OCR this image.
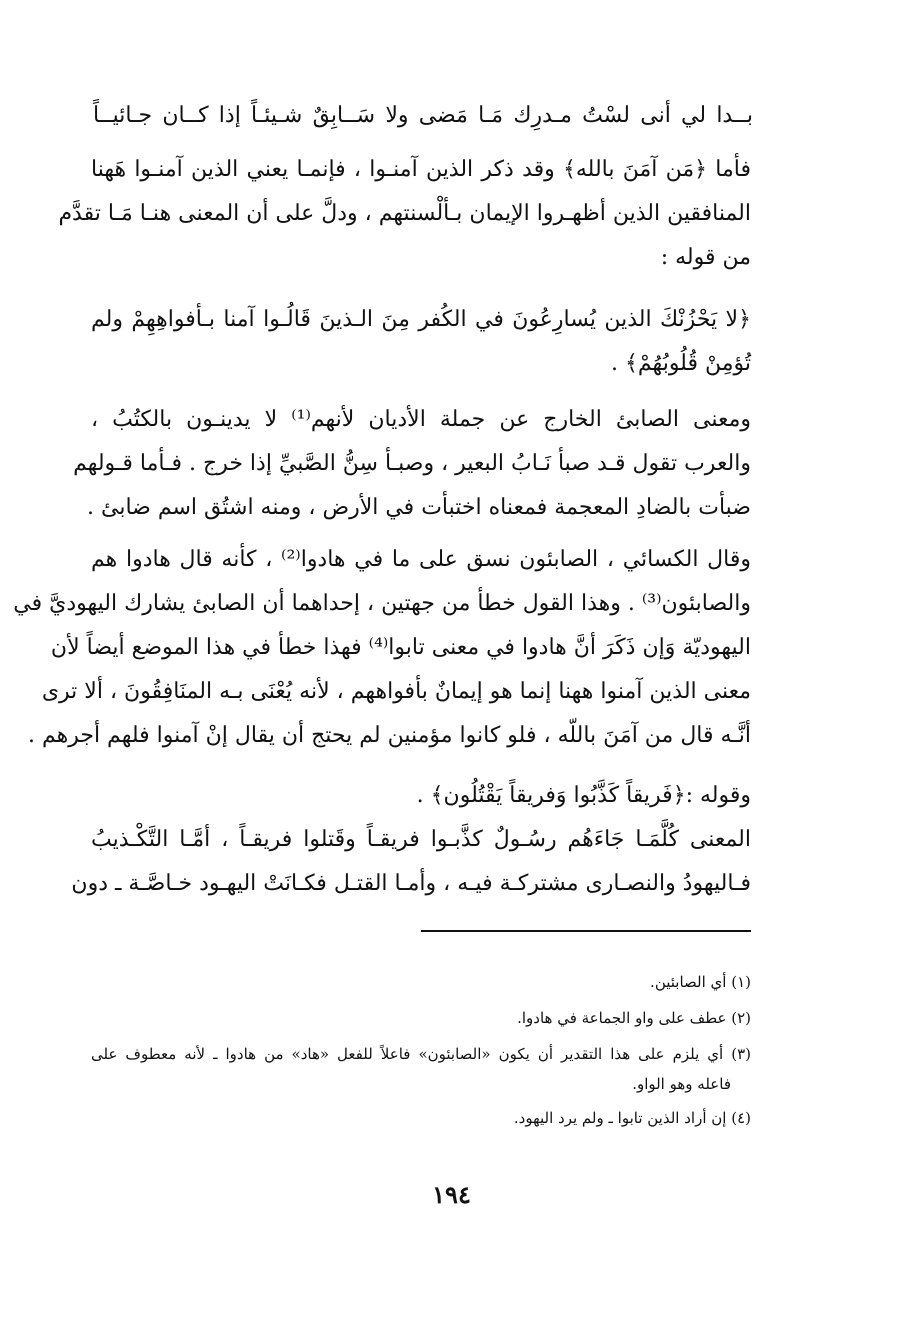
بــدا لي أنى لسْتُ مـدرِك مَـا مَضى ولا سَــابِقٌ شـيئـاً إذا كــان جـائيــاً
فأما ﴿مَن آمَنَ بالله﴾ وقد ذكر الذين آمنـوا ، فإنمـا يعني الذين آمنـوا هَهنا
المنافقين الذين أظهـروا الإيمان بـألْسنتهم ، ودلَّ على أن المعنى هنـا مَـا تقدَّم
من قوله :
﴿لا يَحْزُنْكَ الذين يُسارِعُونَ في الكُفر مِنَ الـذينَ قَالُـوا آمنا بـأفواهِهِمْ ولم
تُؤمِنْ قُلُوبُهُمْ﴾ .
ومعنى الصابئ الخارج عن جملة الأديان لأنهم⁽¹⁾ لا يدينـون بالكتُبُ ،
والعرب تقول قـد صبأ نَـابُ البعير ، وصبـأ سِنُّ الصَّبيِّ إذا خرج . فـأما قـولهم
ضبأت بالضادِ المعجمة فمعناه اختبأت في الأرض ، ومنه اشتُق اسم ضابئ .
وقال الكسائي ، الصابئون نسق على ما في هادوا⁽²⁾ ، كأنه قال هادوا هم
والصابئون⁽³⁾ . وهذا القول خطأ من جهتين ، إحداهما أن الصابئ يشارك اليهوديَّ في
اليهوديّة وَإن ذَكَرَ أنَّ هادوا في معنى تابوا⁽⁴⁾ فهذا خطأ في هذا الموضع أيضاً لأن
معنى الذين آمنوا ههنا إنما هو إيمانٌ بأفواههم ، لأنه يُعْنَى بـه المنَافِقُونَ ، ألا ترى
أنَّـه قال من آمَنَ باللّه ، فلو كانوا مؤمنين لم يحتج أن يقال إنْ آمنوا فلهم أجرهم .
وقوله :﴿فَريقاً كَذَّبُوا وَفريقاً يَقْتُلُون﴾ .
المعنى كُلَّمَـا جَاءَهُم رسُـولٌ كذَّبـوا فريقـاً وقَتلوا فريقـاً ، أمَّـا التَّكْـذيبُ
فـاليهودُ والنصـارى مشتركـة فيـه ، وأمـا القتـل فكـانَتْ اليهـود خـاصَّـة ـ دون
(١) أي الصابئين.
(٢) عطف على واو الجماعة في هادوا.
(٣) أي يلزم على هذا التقدير أن يكون «الصابئون» فاعلاً للفعل «هاد» من هادوا ـ لأنه معطوف على
فاعله وهو الواو.
(٤) إن أراد الذين تابوا ـ ولم يرد اليهود.
١٩٤
